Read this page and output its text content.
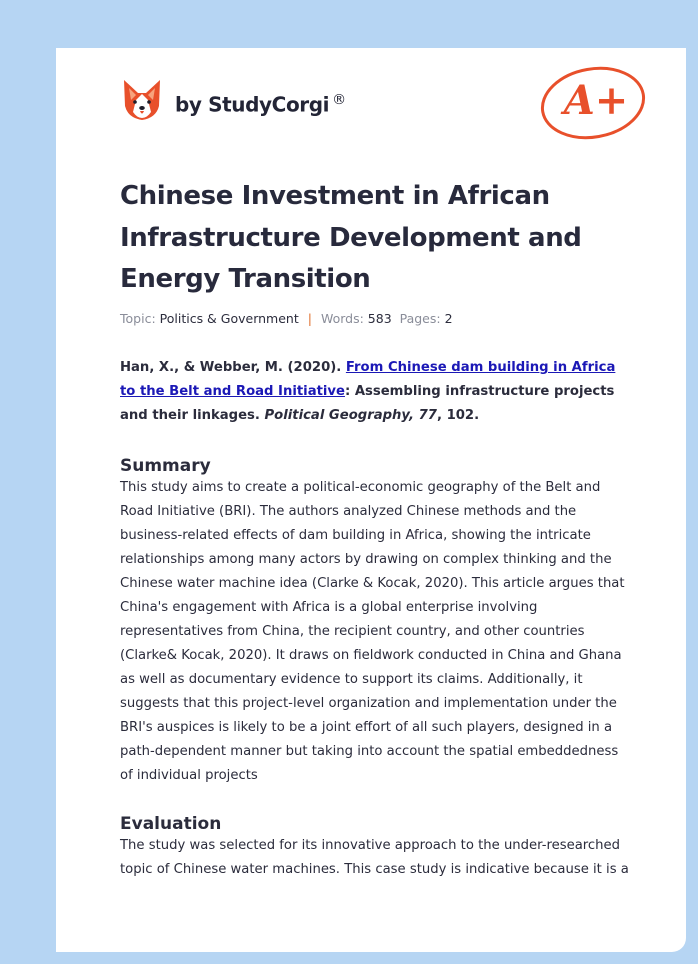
by StudyCorgi ®	A+
Chinese Investment in African Infrastructure Development and Energy Transition
Topic: Politics & Government | Words: 583 Pages: 2

Han, X., & Webber, M. (2020). From Chinese dam building in Africa to the Belt and Road Initiative: Assembling infrastructure projects and their linkages. Political Geography, 77, 102.

Summary

This study aims to create a political-economic geography of the Belt and Road Initiative (BRI). The authors analyzed Chinese methods and the business-related effects of dam building in Africa, showing the intricate relationships among many actors by drawing on complex thinking and the Chinese water machine idea (Clarke & Kocak, 2020). This article argues that China's engagement with Africa is a global enterprise involving representatives from China, the recipient country, and other countries (Clarke& Kocak, 2020). It draws on fieldwork conducted in China and Ghana as well as documentary evidence to support its claims. Additionally, it suggests that this project-level organization and implementation under the BRI's auspices is likely to be a joint effort of all such players, designed in a path-dependent manner but taking into account the spatial embeddedness of individual projects

Evaluation

The study was selected for its innovative approach to the under-researched topic of Chinese water machines. This case study is indicative because it is a
